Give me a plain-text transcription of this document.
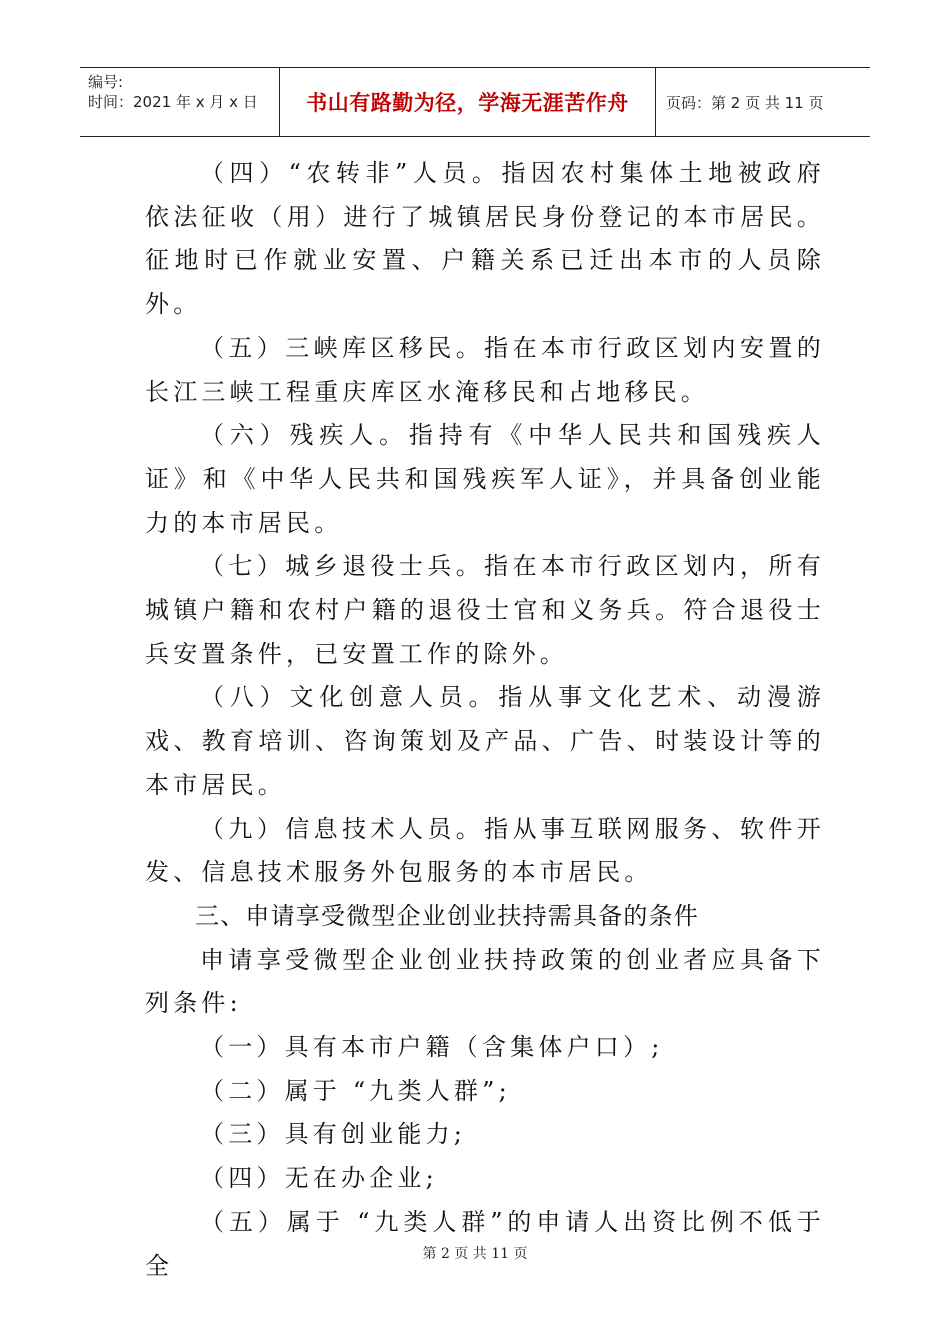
编号:
时间：2021 年 x 月 x 日	书山有路勤为径，学海无涯苦作舟	页码：第 2 页 共 11 页

（四）“农转非”人员。指因农村集体土地被政府依法征收（用）进行了城镇居民身份登记的本市居民。征地时已作就业安置、户籍关系已迁出本市的人员除外。

（五）三峡库区移民。指在本市行政区划内安置的长江三峡工程重庆库区水淹移民和占地移民。

（六）残疾人。指持有《中华人民共和国残疾人证》和《中华人民共和国残疾军人证》，并具备创业能力的本市居民。

（七）城乡退役士兵。指在本市行政区划内，所有城镇户籍和农村户籍的退役士官和义务兵。符合退役士兵安置条件，已安置工作的除外。

（八）文化创意人员。指从事文化艺术、动漫游戏、教育培训、咨询策划及产品、广告、时装设计等的本市居民。

（九）信息技术人员。指从事互联网服务、软件开发、信息技术服务外包服务的本市居民。

三、申请享受微型企业创业扶持需具备的条件

申请享受微型企业创业扶持政策的创业者应具备下列条件:

（一）具有本市户籍（含集体户口）;

（二）属于 “九类人群”;

（三）具有创业能力;

（四）无在办企业;

（五）属于 “九类人群”的申请人出资比例不低于全	第 2 页 共 11 页
